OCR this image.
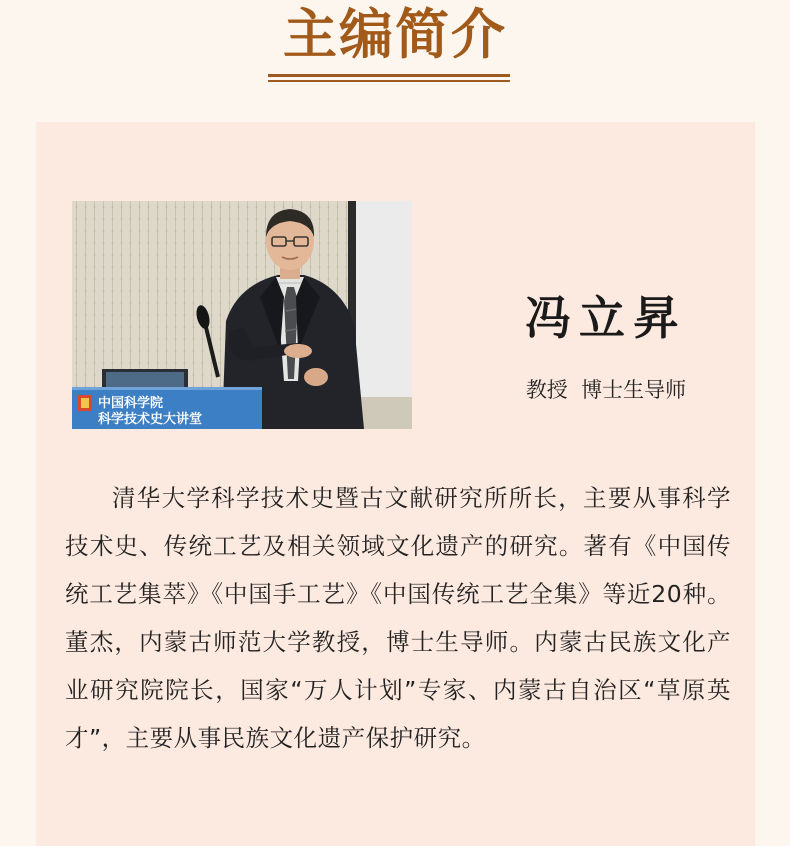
主编简介
中国科学院
科学技术史大讲堂
冯立昇
教授  博士生导师

清华大学科学技术史暨古文献研究所所长，主要从事科学技术史、传统工艺及相关领域文化遗产的研究。著有《中国传统工艺集萃》《中国手工艺》《中国传统工艺全集》等近20种。董杰，内蒙古师范大学教授，博士生导师。内蒙古民族文化产业研究院院长，国家“万人计划”专家、内蒙古自治区“草原英才”，主要从事民族文化遗产保护研究。
